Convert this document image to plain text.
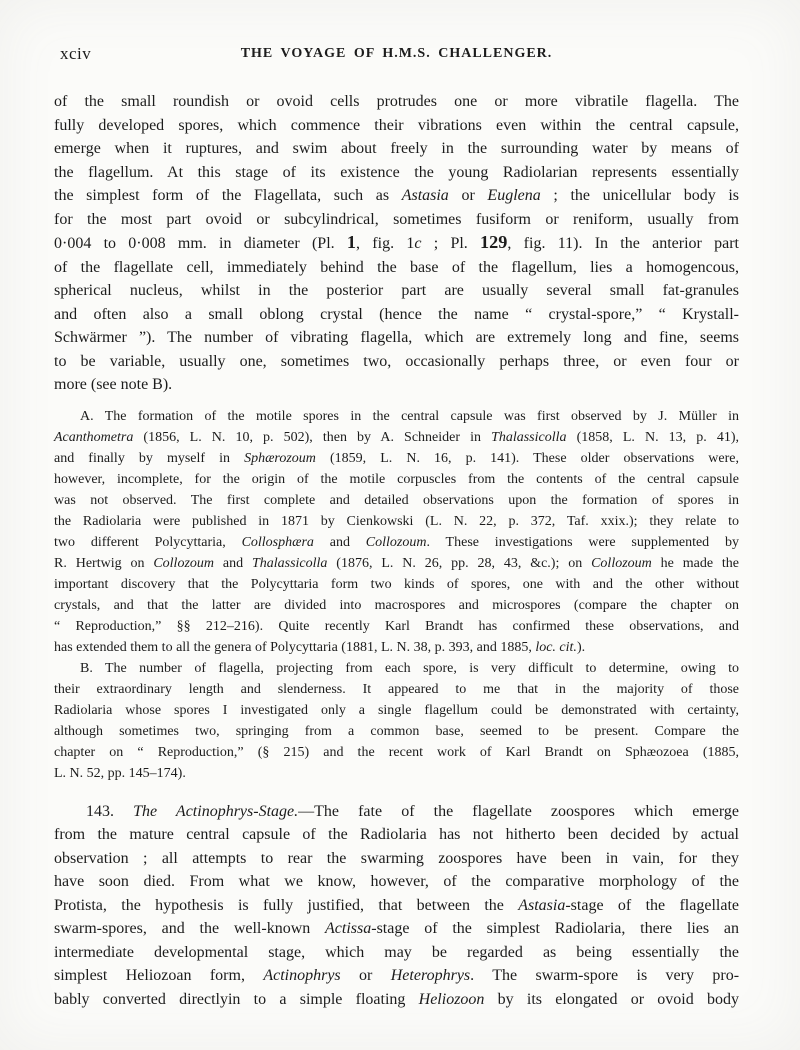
xciv	THE VOYAGE OF H.M.S. CHALLENGER.
of the small roundish or ovoid cells protrudes one or more vibratile flagella. The
fully developed spores, which commence their vibrations even within the central capsule,
emerge when it ruptures, and swim about freely in the surrounding water by means of
the flagellum. At this stage of its existence the young Radiolarian represents essentially
the simplest form of the Flagellata, such as Astasia or Euglena ; the unicellular body is
for the most part ovoid or subcylindrical, sometimes fusiform or reniform, usually from
0·004 to 0·008 mm. in diameter (Pl. 1, fig. 1c ; Pl. 129, fig. 11). In the anterior part
of the flagellate cell, immediately behind the base of the flagellum, lies a homogencous,
spherical nucleus, whilst in the posterior part are usually several small fat-granules
and often also a small oblong crystal (hence the name “ crystal-spore,” “ Krystall-
Schwärmer ”). The number of vibrating flagella, which are extremely long and fine, seems
to be variable, usually one, sometimes two, occasionally perhaps three, or even four or
more (see note B).
A. The formation of the motile spores in the central capsule was first observed by J. Müller in
Acanthometra (1856, L. N. 10, p. 502), then by A. Schneider in Thalassicolla (1858, L. N. 13, p. 41),
and finally by myself in Sphærozoum (1859, L. N. 16, p. 141). These older observations were,
however, incomplete, for the origin of the motile corpuscles from the contents of the central capsule
was not observed. The first complete and detailed observations upon the formation of spores in
the Radiolaria were published in 1871 by Cienkowski (L. N. 22, p. 372, Taf. xxix.); they relate to
two different Polycyttaria, Collosphæra and Collozoum. These investigations were supplemented by
R. Hertwig on Collozoum and Thalassicolla (1876, L. N. 26, pp. 28, 43, &c.); on Collozoum he made the
important discovery that the Polycyttaria form two kinds of spores, one with and the other without
crystals, and that the latter are divided into macrospores and microspores (compare the chapter on
“ Reproduction,” §§ 212–216). Quite recently Karl Brandt has confirmed these observations, and
has extended them to all the genera of Polycyttaria (1881, L. N. 38, p. 393, and 1885, loc. cit.).
B. The number of flagella, projecting from each spore, is very difficult to determine, owing to
their extraordinary length and slenderness. It appeared to me that in the majority of those
Radiolaria whose spores I investigated only a single flagellum could be demonstrated with certainty,
although sometimes two, springing from a common base, seemed to be present. Compare the
chapter on “ Reproduction,” (§ 215) and the recent work of Karl Brandt on Sphæozoea (1885,
L. N. 52, pp. 145–174).
143. The Actinophrys-Stage.—The fate of the flagellate zoospores which emerge
from the mature central capsule of the Radiolaria has not hitherto been decided by actual
observation ; all attempts to rear the swarming zoospores have been in vain, for they
have soon died. From what we know, however, of the comparative morphology of the
Protista, the hypothesis is fully justified, that between the Astasia-stage of the flagellate
swarm-spores, and the well-known Actissa-stage of the simplest Radiolaria, there lies an
intermediate developmental stage, which may be regarded as being essentially the
simplest Heliozoan form, Actinophrys or Heterophrys. The swarm-spore is very pro-
bably converted directlyin to a simple floating Heliozoon by its elongated or ovoid body
